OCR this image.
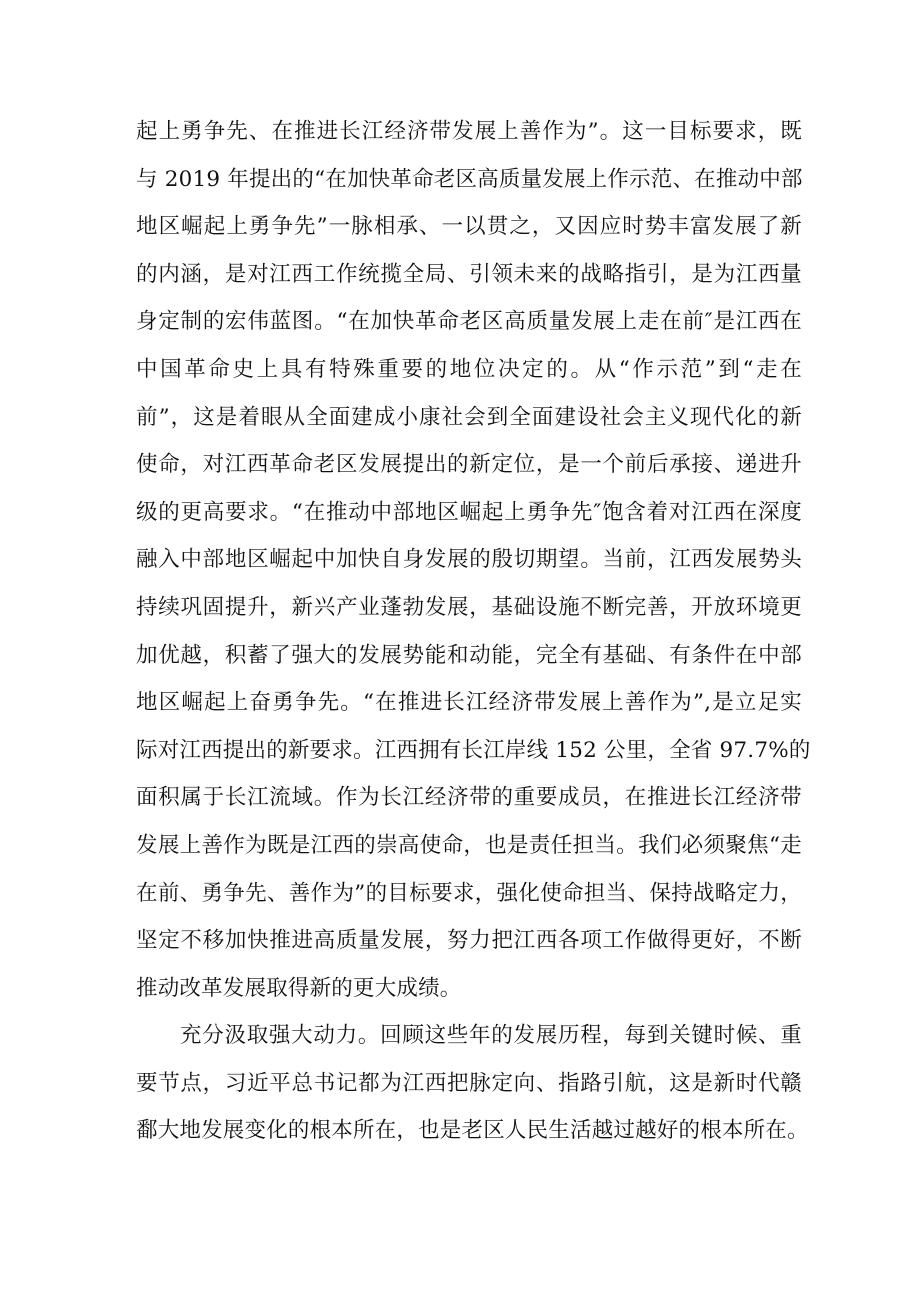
起上勇争先、在推进长江经济带发展上善作为”。这一目标要求，既
与 2019 年提出的“在加快革命老区高质量发展上作示范、在推动中部
地区崛起上勇争先”一脉相承、一以贯之，又因应时势丰富发展了新
的内涵，是对江西工作统揽全局、引领未来的战略指引，是为江西量
身定制的宏伟蓝图。“在加快革命老区高质量发展上走在前″是江西在
中国革命史上具有特殊重要的地位决定的。从“作示范”到“走在
前”，这是着眼从全面建成小康社会到全面建设社会主义现代化的新
使命，对江西革命老区发展提出的新定位，是一个前后承接、递进升
级的更高要求。“在推动中部地区崛起上勇争先″饱含着对江西在深度
融入中部地区崛起中加快自身发展的殷切期望。当前，江西发展势头
持续巩固提升，新兴产业蓬勃发展，基础设施不断完善，开放环境更
加优越，积蓄了强大的发展势能和动能，完全有基础、有条件在中部
地区崛起上奋勇争先。“在推进长江经济带发展上善作为”,是立足实
际对江西提出的新要求。江西拥有长江岸线 152 公里，全省 97.7%的
面积属于长江流域。作为长江经济带的重要成员，在推进长江经济带
发展上善作为既是江西的崇高使命，也是责任担当。我们必须聚焦“走
在前、勇争先、善作为”的目标要求，强化使命担当、保持战略定力，
坚定不移加快推进高质量发展，努力把江西各项工作做得更好，不断
推动改革发展取得新的更大成绩。
充分汲取强大动力。回顾这些年的发展历程，每到关键时候、重
要节点，习近平总书记都为江西把脉定向、指路引航，这是新时代赣
鄱大地发展变化的根本所在，也是老区人民生活越过越好的根本所在。
